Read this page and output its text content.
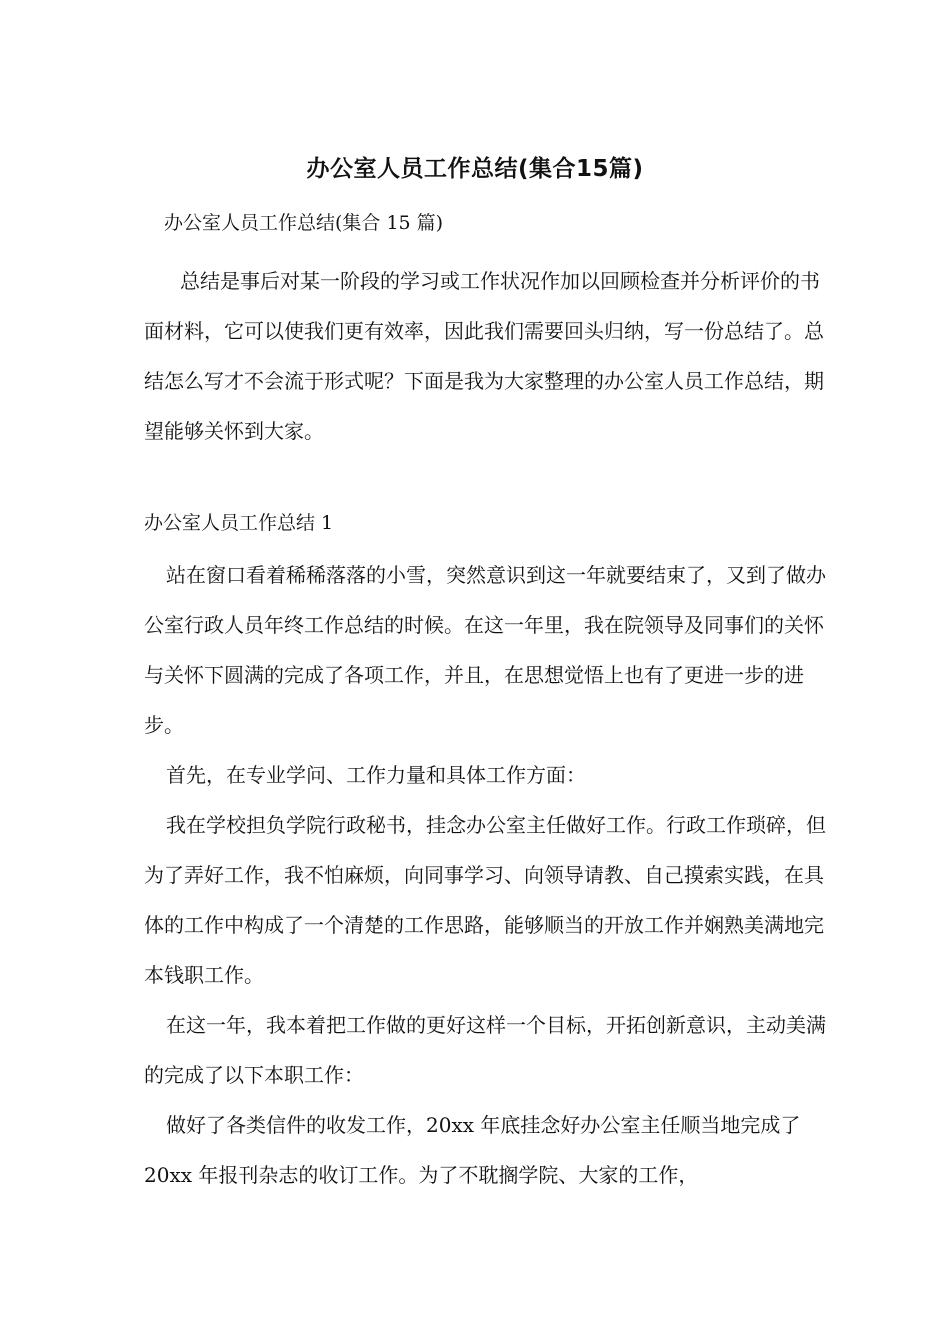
办公室人员工作总结(集合15篇)
办公室人员工作总结(集合 15 篇)
总结是事后对某一阶段的学习或工作状况作加以回顾检查并分析评价的书面材料，它可以使我们更有效率，因此我们需要回头归纳，写一份总结了。总结怎么写才不会流于形式呢？下面是我为大家整理的办公室人员工作总结，期望能够关怀到大家。
办公室人员工作总结 1

站在窗口看着稀稀落落的小雪，突然意识到这一年就要结束了，又到了做办公室行政人员年终工作总结的时候。在这一年里，我在院领导及同事们的关怀与关怀下圆满的完成了各项工作，并且，在思想觉悟上也有了更进一步的进步。

首先，在专业学问、工作力量和具体工作方面：

我在学校担负学院行政秘书，挂念办公室主任做好工作。行政工作琐碎，但为了弄好工作，我不怕麻烦，向同事学习、向领导请教、自己摸索实践，在具体的工作中构成了一个清楚的工作思路，能够顺当的开放工作并娴熟美满地完本钱职工作。

在这一年，我本着把工作做的更好这样一个目标，开拓创新意识，主动美满的完成了以下本职工作：

做好了各类信件的收发工作，20xx 年底挂念好办公室主任顺当地完成了 20xx 年报刊杂志的收订工作。为了不耽搁学院、大家的工作，
